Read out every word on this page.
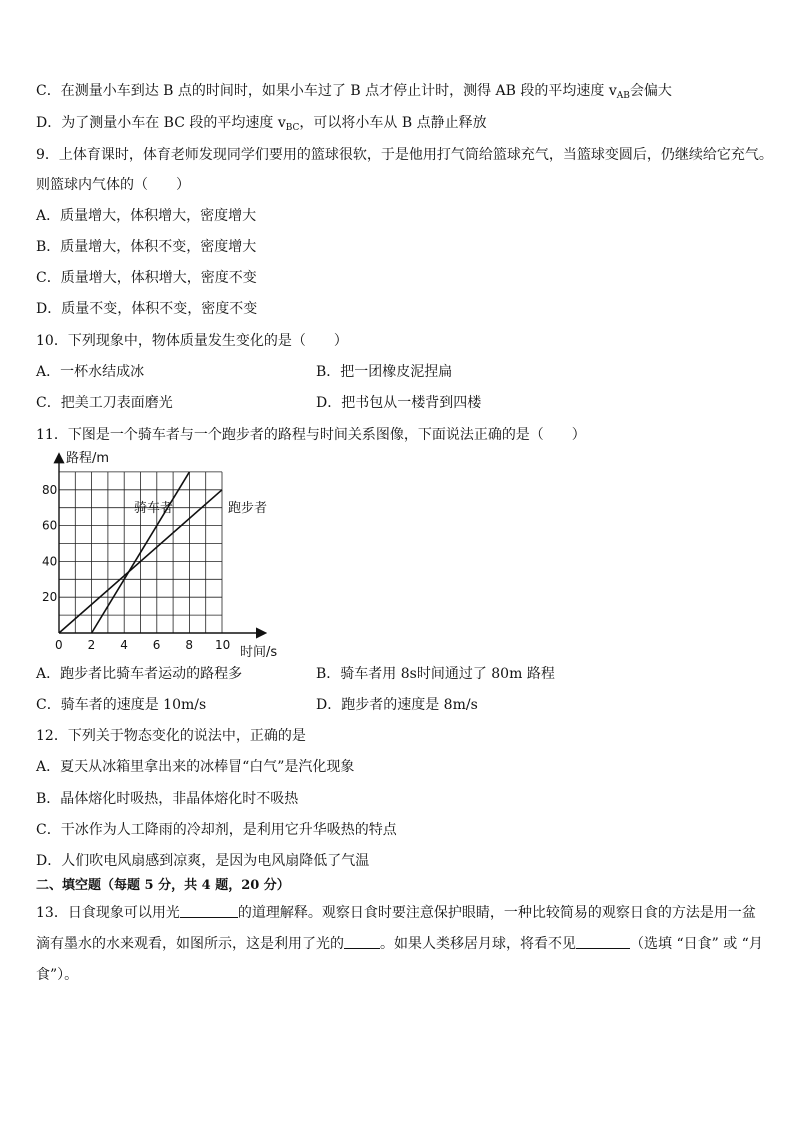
C．在测量小车到达 B 点的时间时，如果小车过了 B 点才停止计时，测得 AB 段的平均速度 $v_{AB}$会偏大
D．为了测量小车在 BC 段的平均速度 $v_{BC}$，可以将小车从 B 点静止释放
9．上体育课时，体育老师发现同学们要用的篮球很软，于是他用打气筒给篮球充气，当篮球变圆后，仍继续给它充气。
则篮球内气体的（　　）
A．质量增大，体积增大，密度增大
B．质量增大，体积不变，密度增大
C．质量增大，体积增大，密度不变
D．质量不变，体积不变，密度不变
10．下列现象中，物体质量发生变化的是（　　）
A．一杯水结成冰	B．把一团橡皮泥捏扁
C．把美工刀表面磨光	D．把书包从一楼背到四楼
11．下图是一个骑车者与一个跑步者的路程与时间关系图像，下面说法正确的是（　　）
0 2 4 6 8 10
20
40
60
80
路程/m
时间/s
骑车者	跑步者
A．跑步者比骑车者运动的路程多	B．骑车者用 8s时间通过了 80m 路程
C．骑车者的速度是 10m/s	D．跑步者的速度是 8m/s
12．下列关于物态变化的说法中，正确的是
A．夏天从冰箱里拿出来的冰棒冒“白气”是汽化现象
B．晶体熔化时吸热，非晶体熔化时不吸热
C．干冰作为人工降雨的冷却剂，是利用它升华吸热的特点
D．人们吹电风扇感到凉爽，是因为电风扇降低了气温
二、填空题（每题 5 分，共 4 题，20 分）
13．日食现象可以用光	的道理解释。观察日食时要注意保护眼睛，一种比较简易的观察日食的方法是用一盆
滴有墨水的水来观看，如图所示，这是利用了光的	。如果人类移居月球，将看不见	（选填 “日食” 或 “月
食”）。
